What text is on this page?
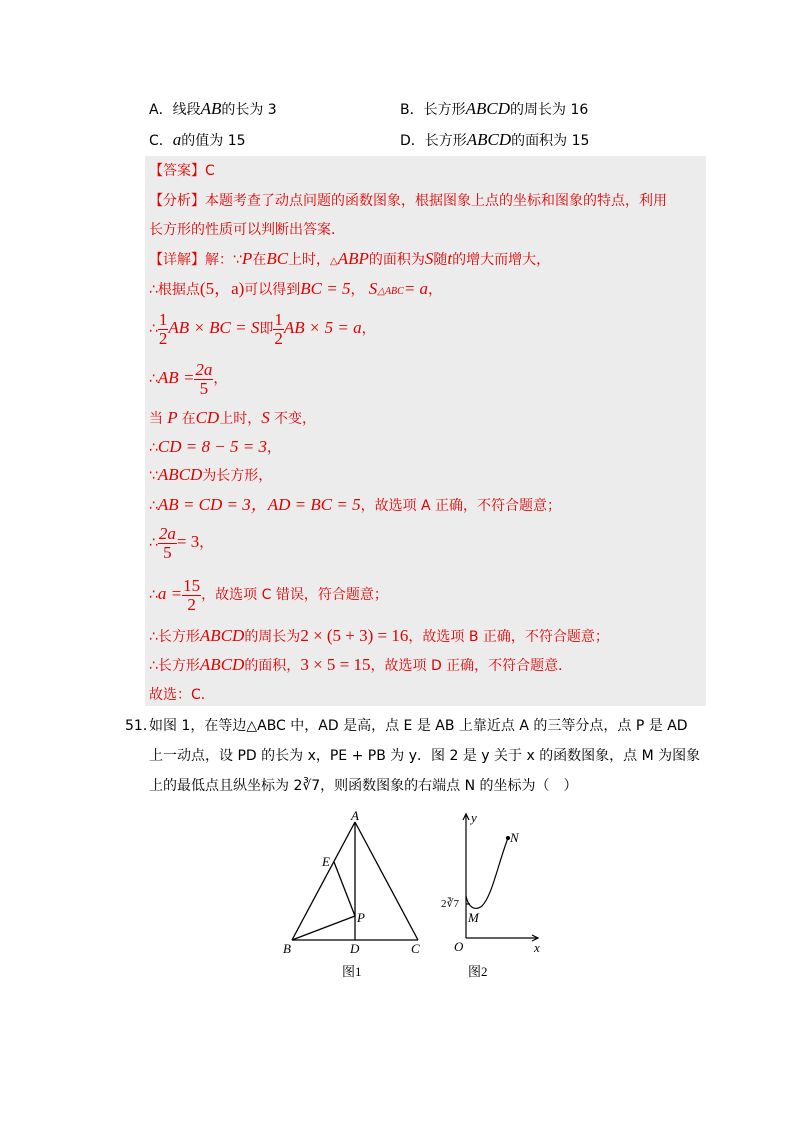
A．线段AB的长为 3	B．长方形ABCD的周长为 16
C．a的值为 15	D．长方形ABCD的面积为 15
【答案】C
【分析】本题考查了动点问题的函数图象，根据图象上点的坐标和图象的特点，利用
长方形的性质可以判断出答案．
【详解】解：∵P在BC上时，△ABP的面积为S随t的增大而增大，
∴根据点(5，a)可以得到BC = 5， S△ABC= a，
∴ $\frac{1}{2}$ AB × BC = S即 $\frac{1}{2}$ AB × 5 = a，
∴AB = $\frac{2a}{5}$ ，
当 P 在CD上时，S 不变，
∴CD = 8 − 5 = 3，
∵ABCD为长方形，
∴AB = CD = 3，AD = BC = 5，故选项 A 正确，不符合题意；
∴ $\frac{2a}{5} = 3$，
∴a = $\frac{15}{2}$ ，故选项 C 错误，符合题意；
∴长方形ABCD的周长为2 × (5 + 3) = 16，故选项 B 正确，不符合题意；
∴长方形ABCD的面积，3 × 5 = 15，故选项 D 正确，不符合题意．
故选：C．
51．
如图 1，在等边△ABC 中，AD 是高，点 E 是 AB 上靠近点 A 的三等分点，点 P 是 AD
上一动点，设 PD 的长为 x，PE + PB 为 y．图 2 是 y 关于 x 的函数图象，点 M 为图象
上的最低点且纵坐标为 2∛7，则函数图象的右端点 N 的坐标为（　）
A
B	C
D
E
P
图1
y
x
O
M
N
2∛7
图2
